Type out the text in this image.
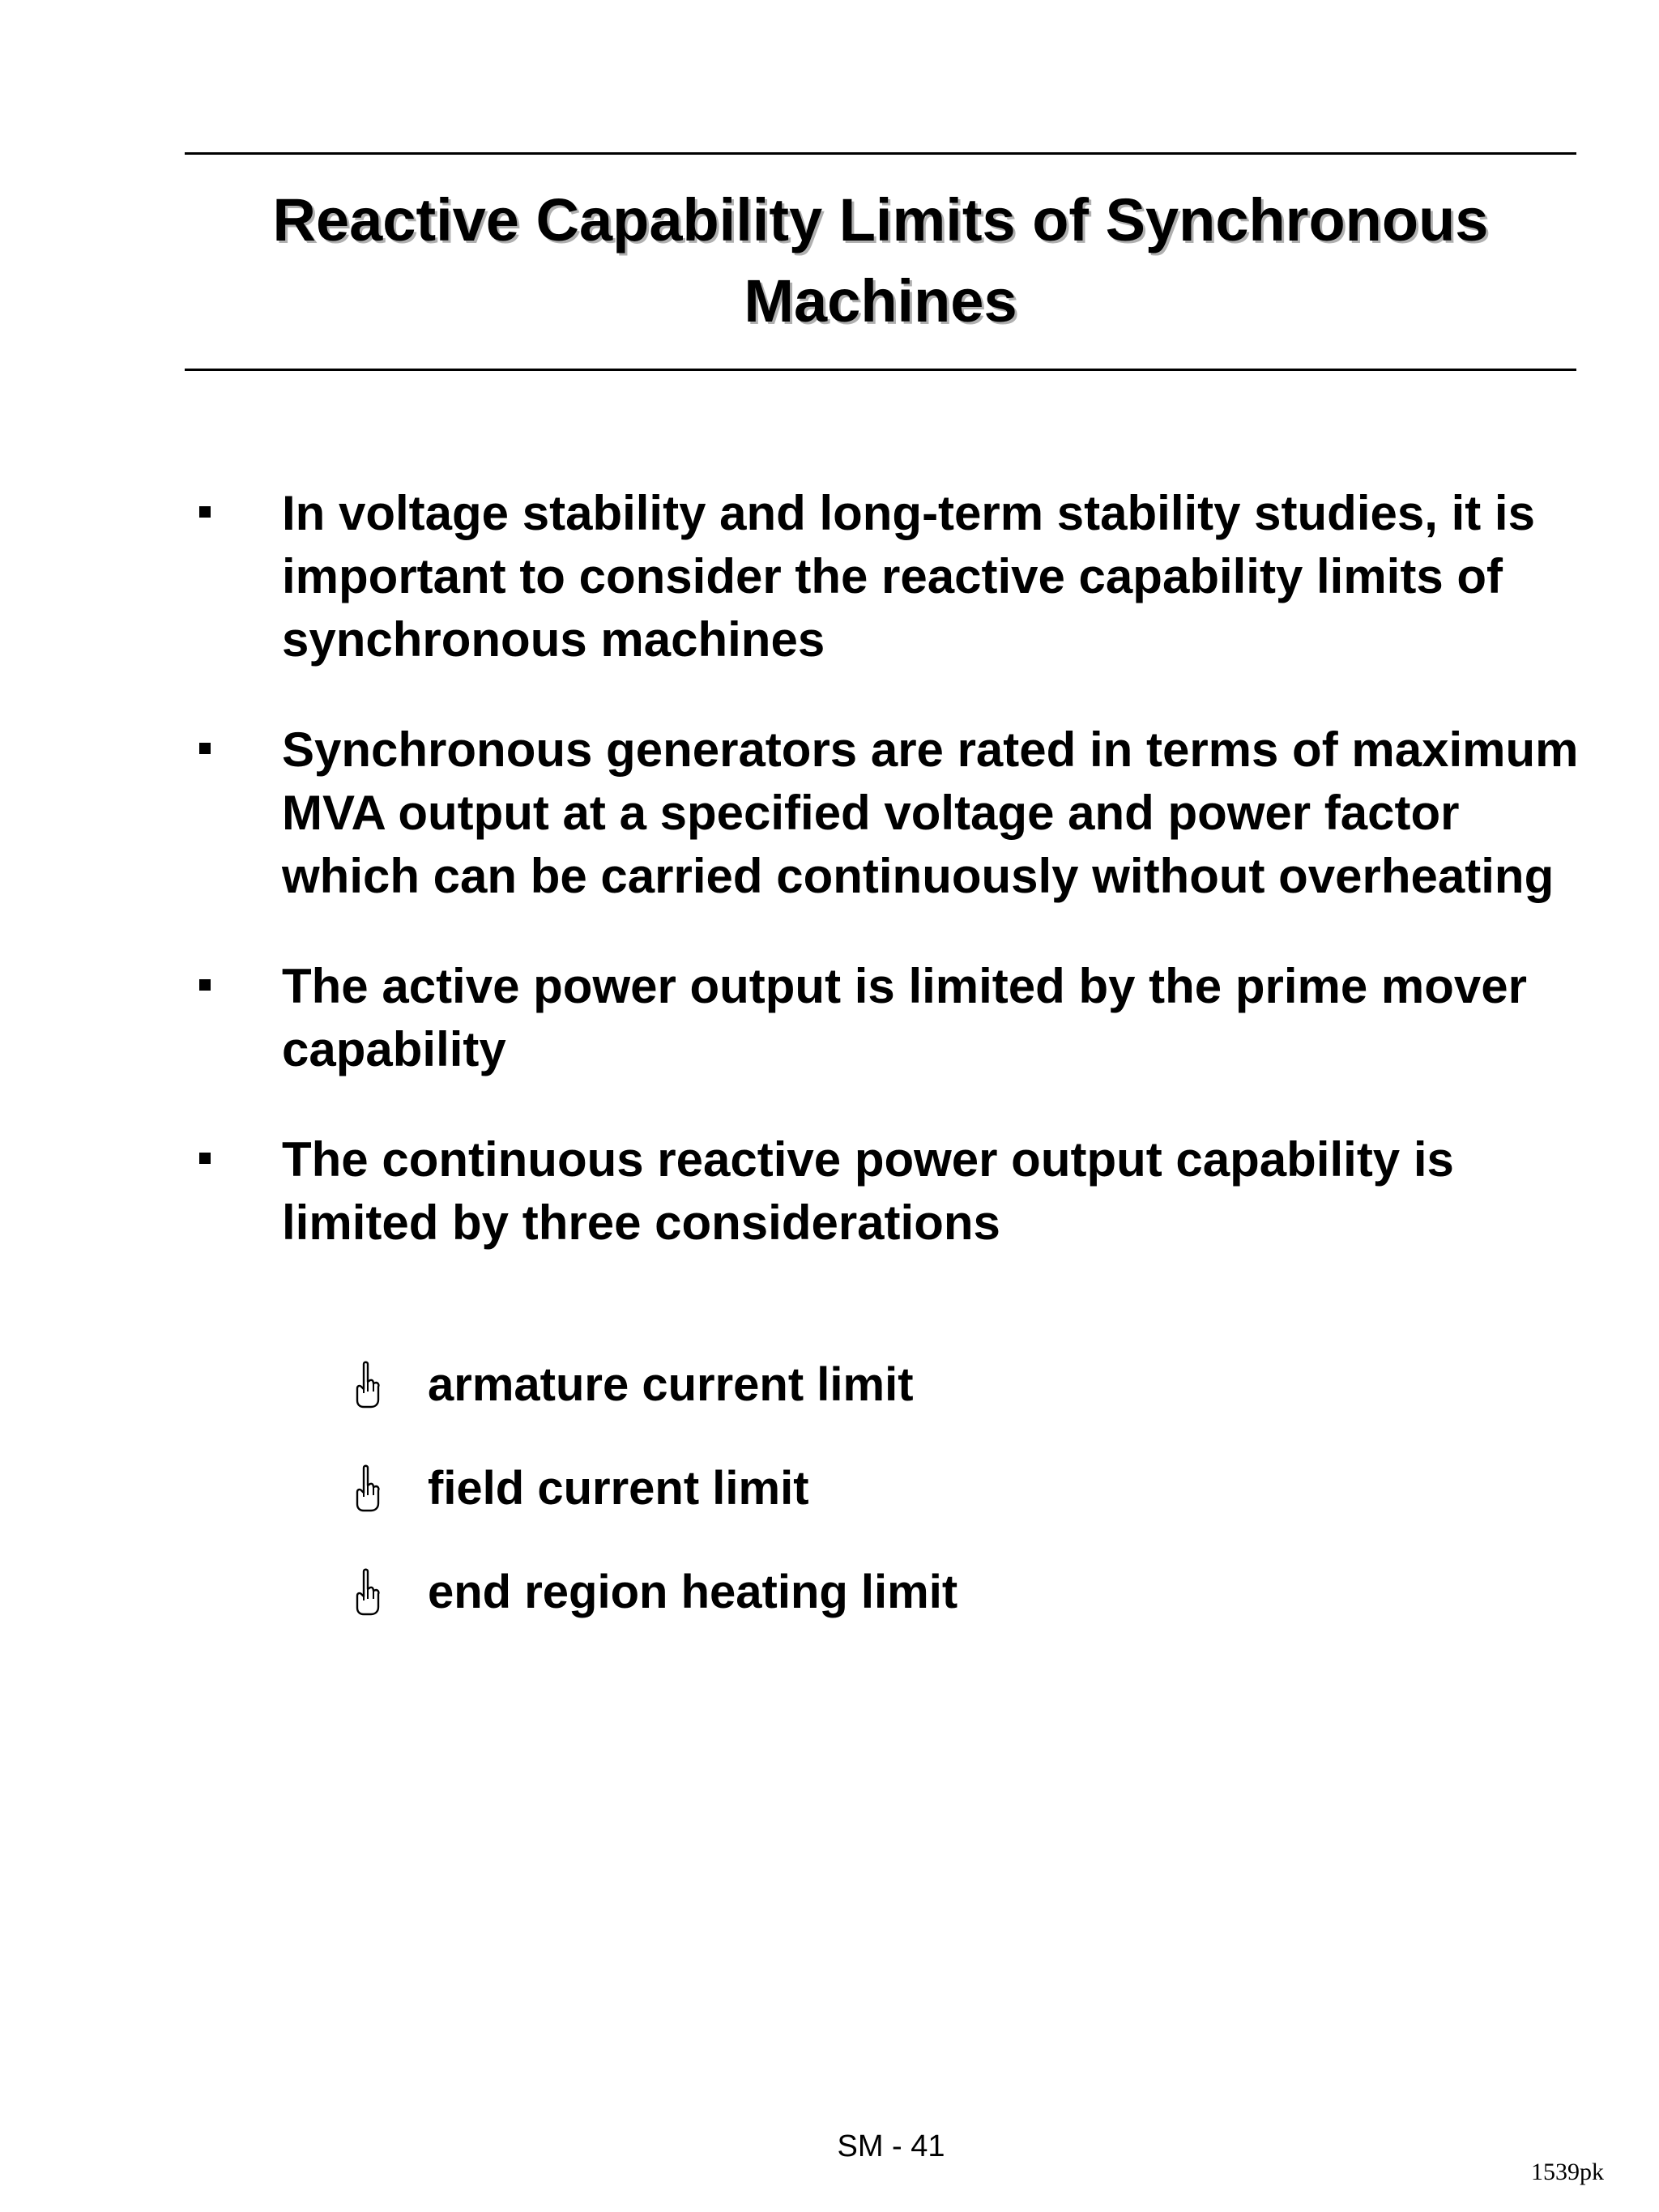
Reactive Capability Limits of Synchronous Machines
In voltage stability and long-term stability studies, it is important to consider the reactive capability limits of synchronous machines
Synchronous generators are rated in terms of maximum MVA output at a specified voltage and power factor which can be carried continuously without overheating
The active power output is limited by the prime mover capability
The continuous reactive power output capability is limited by three considerations
armature current limit
field current limit
end region heating limit
SM - 41
1539pk
